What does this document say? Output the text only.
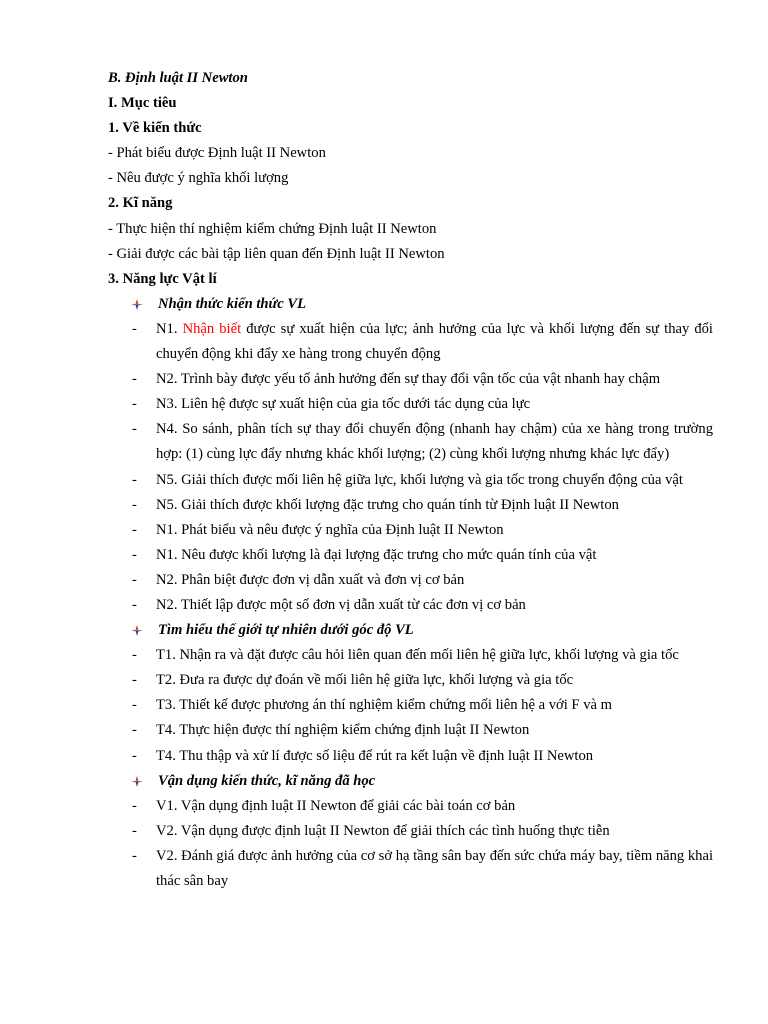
B. Định luật II Newton
I. Mục tiêu
1. Về kiến thức
- Phát biểu được Định luật II Newton
- Nêu được ý nghĩa khối lượng
2. Kĩ năng
- Thực hiện thí nghiệm kiểm chứng Định luật II Newton
- Giải được các bài tập liên quan đến Định luật II Newton
3. Năng lực Vật lí
Nhận thức kiến thức VL
- N1. Nhận biết được sự xuất hiện của lực; ảnh hưởng của lực và khối lượng đến sự thay đổi chuyển động khi đẩy xe hàng trong chuyển động
- N2. Trình bày được yếu tố ảnh hưởng đến sự thay đổi vận tốc của vật nhanh hay chậm
- N3. Liên hệ được sự xuất hiện của gia tốc dưới tác dụng của lực
- N4. So sánh, phân tích sự thay đổi chuyển động (nhanh hay chậm) của xe hàng trong trường hợp: (1) cùng lực đẩy nhưng khác khối lượng; (2) cùng khối lượng nhưng khác lực đẩy)
- N5. Giải thích được mối liên hệ giữa lực, khối lượng và gia tốc trong chuyển động của vật
- N5. Giải thích được khối lượng đặc trưng cho quán tính từ Định luật II Newton
- N1. Phát biểu và nêu được ý nghĩa của Định luật II Newton
- N1. Nêu được khối lượng là đại lượng đặc trưng cho mức quán tính của vật
- N2. Phân biệt được đơn vị dẫn xuất và đơn vị cơ bản
- N2. Thiết lập được một số đơn vị dẫn xuất từ các đơn vị cơ bản
Tìm hiểu thế giới tự nhiên dưới góc độ VL
- T1. Nhận ra và đặt được câu hỏi liên quan đến mối liên hệ giữa lực, khối lượng và gia tốc
- T2. Đưa ra được dự đoán về mối liên hệ giữa lực, khối lượng và gia tốc
- T3. Thiết kế được phương án thí nghiệm kiểm chứng mối liên hệ a với F và m
- T4. Thực hiện được thí nghiệm kiểm chứng định luật II Newton
- T4. Thu thập và xử lí được số liệu để rút ra kết luận về định luật II Newton
Vận dụng kiến thức, kĩ năng đã học
- V1. Vận dụng định luật II Newton để giải các bài toán cơ bản
- V2. Vận dụng được định luật II Newton để giải thích các tình huống thực tiễn
- V2. Đánh giá được ảnh hưởng của cơ sở hạ tầng sân bay đến sức chứa máy bay, tiềm năng khai thác sân bay
